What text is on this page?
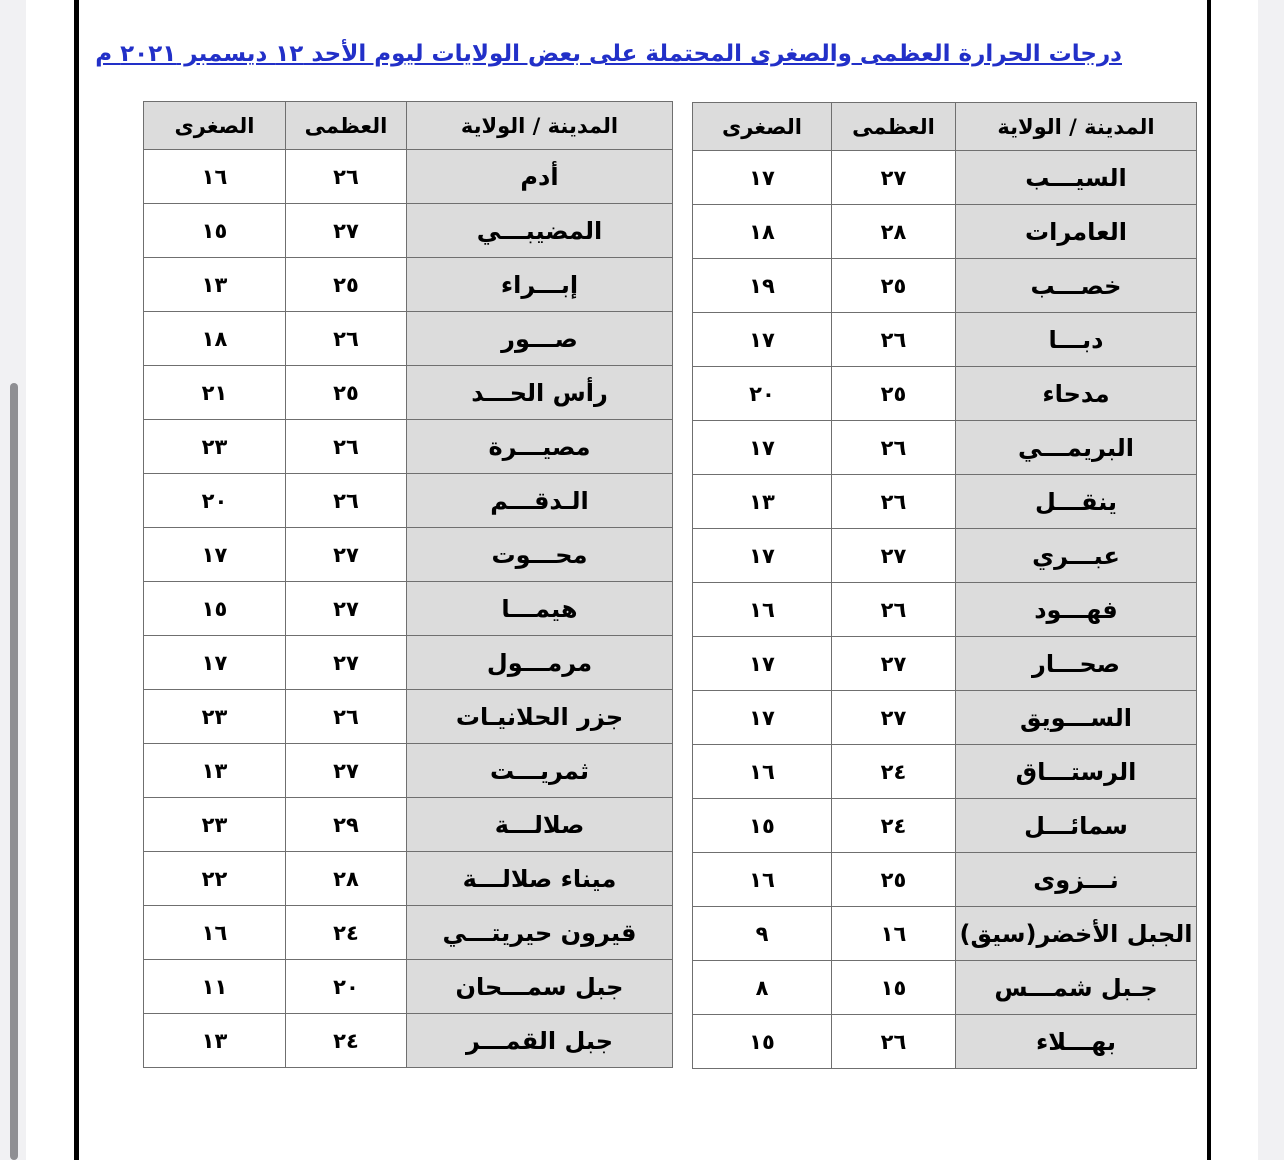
درجات الحرارة العظمى والصغرى المحتملة على بعض الولايات ليوم الأحد ١٢ ديسمبر ٢٠٢١ م
المدينة / الولاية	العظمى	الصغرى
السيـــب	٢٧	١٧
العامرات	٢٨	١٨
خصـــب	٢٥	١٩
دبـــا	٢٦	١٧
مدحاء	٢٥	٢٠
البريمـــي	٢٦	١٧
ينقـــل	٢٦	١٣
عبـــري	٢٧	١٧
فهـــود	٢٦	١٦
صحـــار	٢٧	١٧
الســـويق	٢٧	١٧
الرستـــاق	٢٤	١٦
سمائـــل	٢٤	١٥
نـــزوى	٢٥	١٦
الجبل الأخضر(سيق)	١٦	٩
جـبل شمـــس	١٥	٨
بهـــلاء	٢٦	١٥
المدينة / الولاية	العظمى	الصغرى
أدم	٢٦	١٦
المضيبـــي	٢٧	١٥
إبـــراء	٢٥	١٣
صـــور	٢٦	١٨
رأس الحـــد	٢٥	٢١
مصيـــرة	٢٦	٢٣
الـدقـــم	٢٦	٢٠
محـــوت	٢٧	١٧
هيمـــا	٢٧	١٥
مرمـــول	٢٧	١٧
جزر الحلانيـات	٢٦	٢٣
ثمريـــت	٢٧	١٣
صلالـــة	٢٩	٢٣
ميناء صلالـــة	٢٨	٢٢
قيرون حيريتـــي	٢٤	١٦
جبل سمـــحان	٢٠	١١
جبل القمـــر	٢٤	١٣
